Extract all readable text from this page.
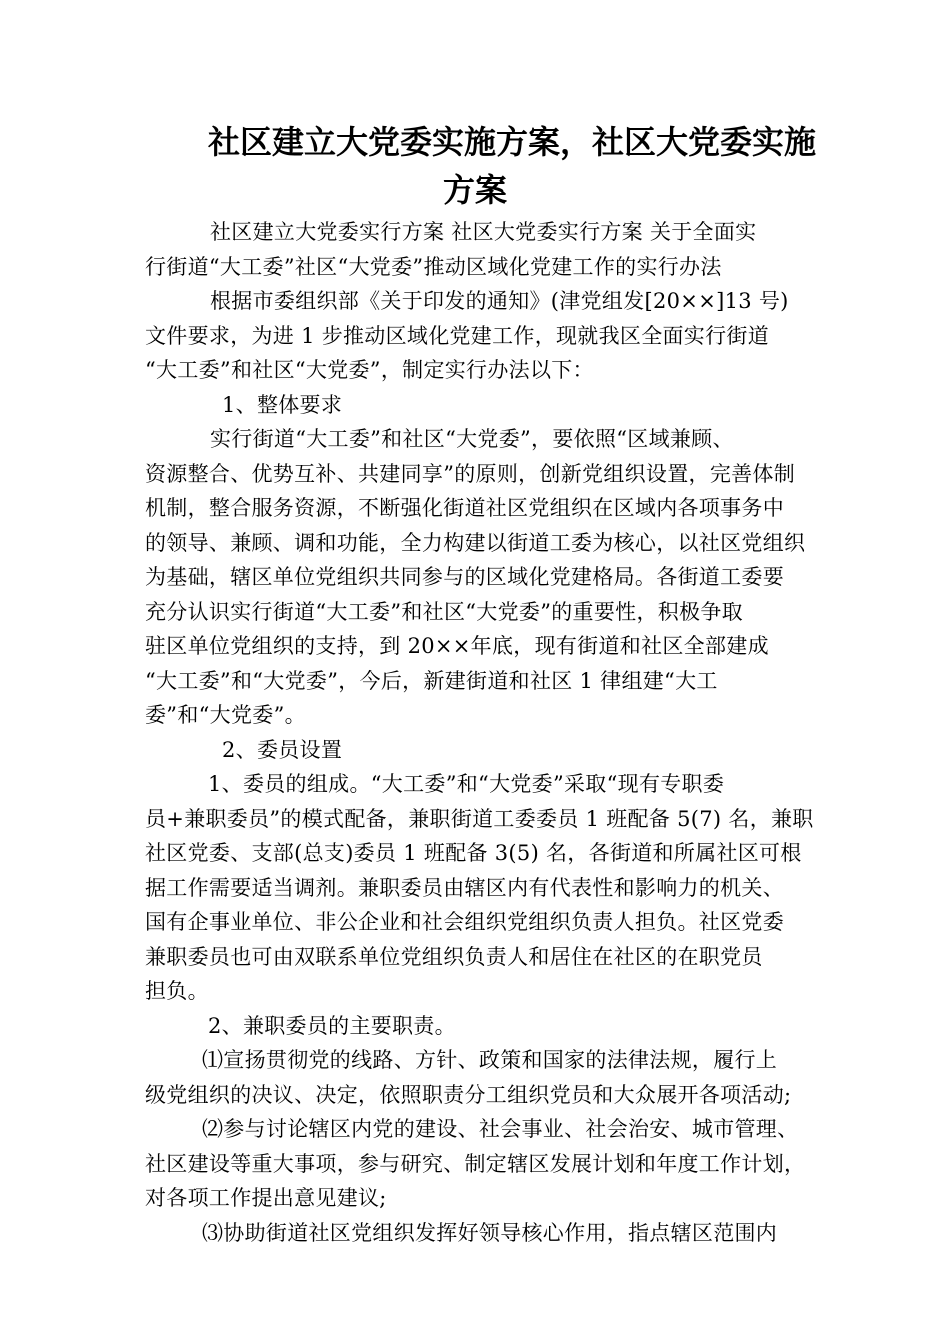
社区建立大党委实施方案，社区大党委实施
方案
社区建立大党委实行方案 社区大党委实行方案 关于全面实
行街道“大工委”社区“大党委”推动区域化党建工作的实行办法
根据市委组织部《关于印发的通知》(津党组发[20××]13 号)
文件要求，为进 1 步推动区域化党建工作，现就我区全面实行街道
“大工委”和社区“大党委”，制定实行办法以下：
1、整体要求
实行街道“大工委”和社区“大党委”，要依照“区域兼顾、
资源整合、优势互补、共建同享”的原则，创新党组织设置，完善体制
机制，整合服务资源，不断强化街道社区党组织在区域内各项事务中
的领导、兼顾、调和功能，全力构建以街道工委为核心，以社区党组织
为基础，辖区单位党组织共同参与的区域化党建格局。各街道工委要
充分认识实行街道“大工委”和社区“大党委”的重要性，积极争取
驻区单位党组织的支持，到 20××年底，现有街道和社区全部建成
“大工委”和“大党委”，今后，新建街道和社区 1 律组建“大工
委”和“大党委”。
2、委员设置
1、委员的组成。“大工委”和“大党委”采取“现有专职委
员+兼职委员”的模式配备，兼职街道工委委员 1 班配备 5(7) 名，兼职
社区党委、支部(总支)委员 1 班配备 3(5) 名，各街道和所属社区可根
据工作需要适当调剂。兼职委员由辖区内有代表性和影响力的机关、
国有企事业单位、非公企业和社会组织党组织负责人担负。社区党委
兼职委员也可由双联系单位党组织负责人和居住在社区的在职党员
担负。
2、兼职委员的主要职责。
⑴宣扬贯彻党的线路、方针、政策和国家的法律法规，履行上
级党组织的决议、决定，依照职责分工组织党员和大众展开各项活动;
⑵参与讨论辖区内党的建设、社会事业、社会治安、城市管理、
社区建设等重大事项，参与研究、制定辖区发展计划和年度工作计划，
对各项工作提出意见建议;
⑶协助街道社区党组织发挥好领导核心作用，指点辖区范围内
